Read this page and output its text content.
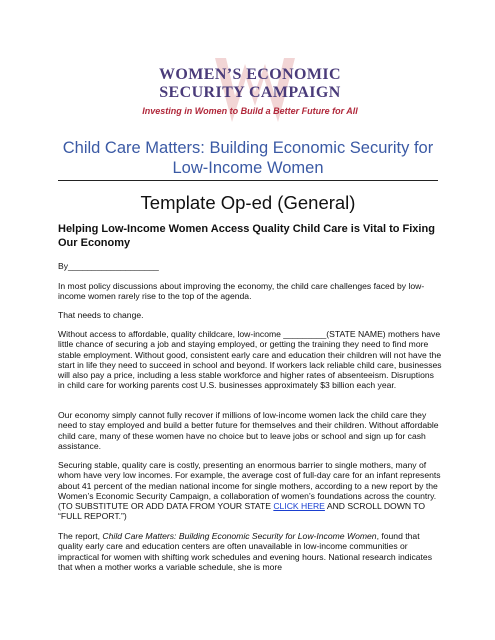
WOMEN’S ECONOMIC
SECURITY CAMPAIGN
Investing in Women to Build a Better Future for All
Child Care Matters: Building Economic Security for Low-Income Women
Template Op-ed (General)
Helping Low-Income Women Access Quality Child Care is Vital to Fixing Our Economy
By___________________
In most policy discussions about improving the economy, the child care challenges faced by low-income women rarely rise to the top of the agenda.
That needs to change.
Without access to affordable, quality childcare, low-income _________(STATE NAME) mothers have little chance of securing a job and staying employed, or getting the training they need to find more stable employment. Without good, consistent early care and education their children will not have the start in life they need to succeed in school and beyond. If workers lack reliable child care, businesses will also pay a price, including a less stable workforce and higher rates of absenteeism. Disruptions in child care for working parents cost U.S. businesses approximately $3 billion each year.
Our economy simply cannot fully recover if millions of low-income women lack the child care they need to stay employed and build a better future for themselves and their children. Without affordable child care, many of these women have no choice but to leave jobs or school and sign up for cash assistance.
Securing stable, quality care is costly, presenting an enormous barrier to single mothers, many of whom have very low incomes. For example, the average cost of full-day care for an infant represents about 41 percent of the median national income for single mothers, according to a new report by the Women’s Economic Security Campaign, a collaboration of women’s foundations across the country. (TO SUBSTITUTE OR ADD DATA FROM YOUR STATE CLICK HERE AND SCROLL DOWN TO “FULL REPORT.”)
The report, Child Care Matters: Building Economic Security for Low-Income Women, found that quality early care and education centers are often unavailable in low-income communities or impractical for women with shifting work schedules and evening hours. National research indicates that when a mother works a variable schedule, she is more
